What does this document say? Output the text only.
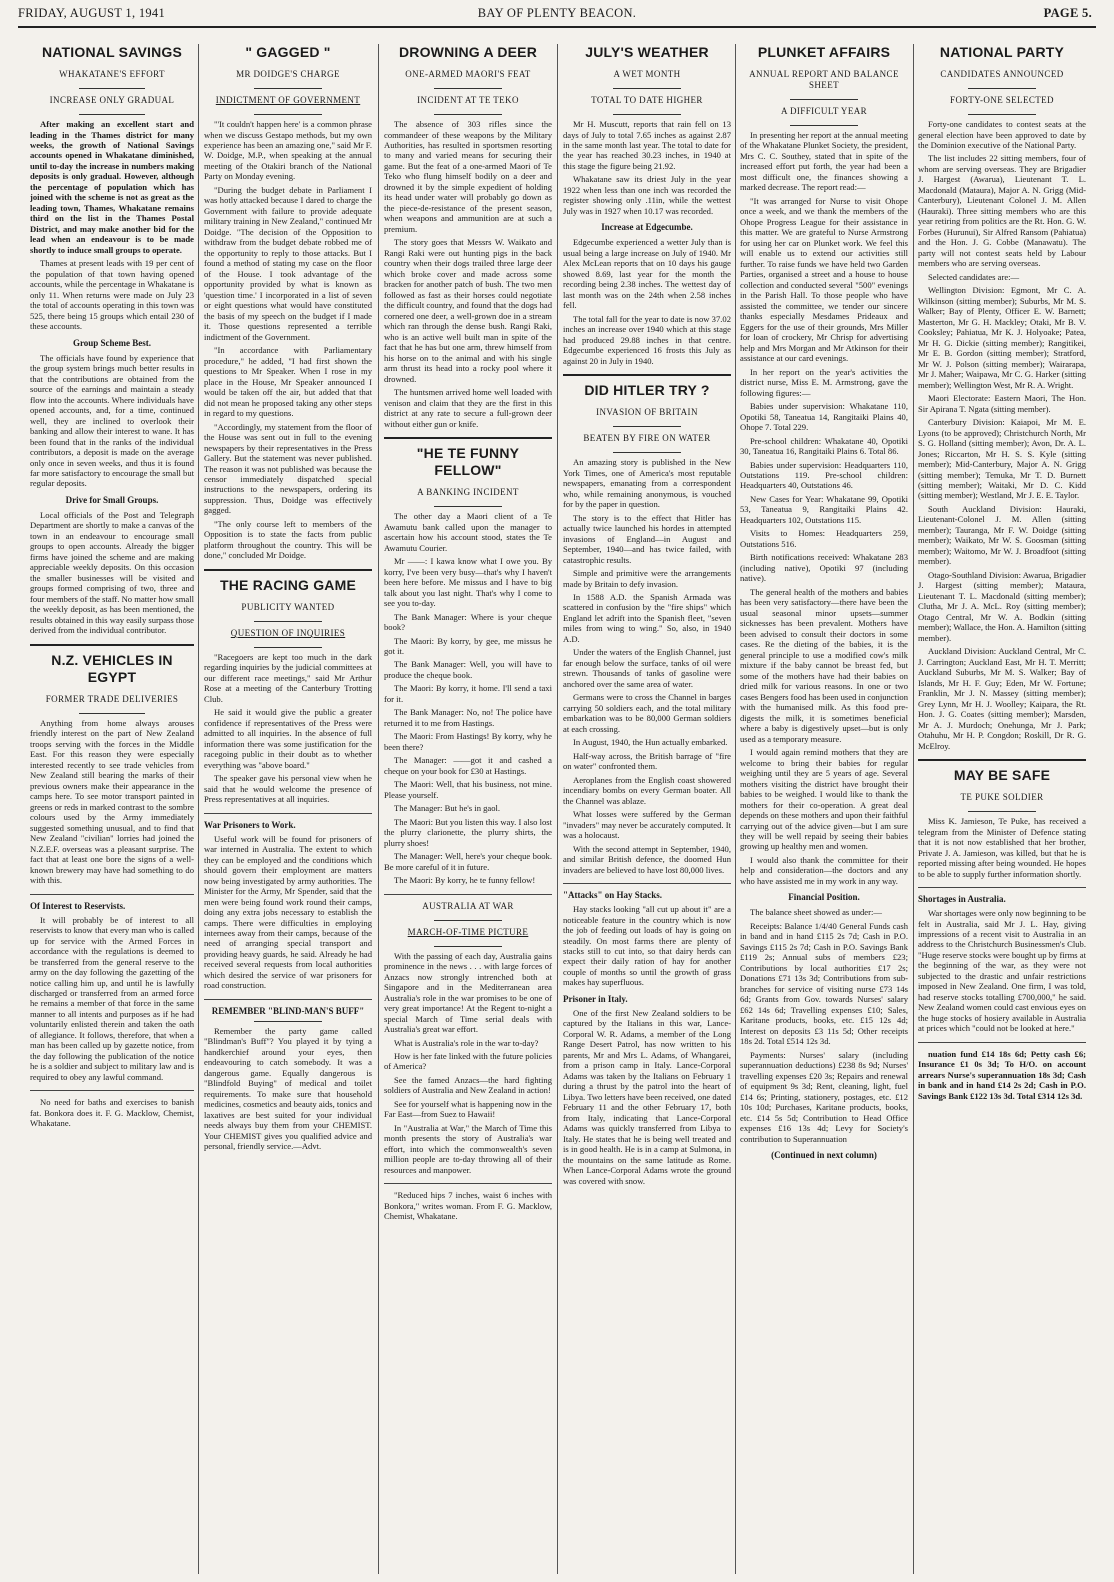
FRIDAY, AUGUST 1, 1941	BAY OF PLENTY BEACON.	PAGE 5.
NATIONAL SAVINGS
WHAKATANE'S EFFORT
INCREASE ONLY GRADUAL

After making an excellent start and leading in the Thames district for many weeks, the growth of National Savings accounts opened in Whakatane diminished, until to-day the increase in numbers making deposits is only gradual. However, although the percentage of population which has joined with the scheme is not as great as the leading town, Thames, Whakatane remains third on the list in the Thames Postal District, and may make another bid for the lead when an endeavour is to be made shortly to induce small groups to operate.

Thames at present leads with 19 per cent of the population of that town having opened accounts, while the percentage in Whakatane is only 11. When returns were made on July 23 the total of accounts operating in this town was 525, there being 15 groups which entail 230 of these accounts.

Group Scheme Best.

The officials have found by experience that the group system brings much better results in that the contributions are obtained from the source of the earnings and maintain a steady flow into the accounts. Where individuals have opened accounts, and, for a time, continued well, they are inclined to overlook their banking and allow their interest to wane. It has been found that in the ranks of the individual contributors, a deposit is made on the average only once in seven weeks, and thus it is found far more satisfactory to encourage the small but regular deposits.

Drive for Small Groups.

Local officials of the Post and Telegraph Department are shortly to make a canvas of the town in an endeavour to encourage small groups to open accounts. Already the bigger firms have joined the scheme and are making appreciable weekly deposits. On this occasion the smaller businesses will be visited and groups formed comprising of two, three and four members of the staff. No matter how small the weekly deposit, as has been mentioned, the results obtained in this way easily surpass those derived from the individual contributor.

N.Z. VEHICLES IN EGYPT
FORMER TRADE DELIVERIES

Anything from home always arouses friendly interest on the part of New Zealand troops serving with the forces in the Middle East. For this reason they were especially interested recently to see trade vehicles from New Zealand still bearing the marks of their previous owners make their appearance in the camps here. To see motor transport painted in greens or reds in marked contrast to the sombre colours used by the Army immediately suggested something unusual, and to find that New Zealand "civilian" lorries had joined the N.Z.E.F. overseas was a pleasant surprise. The fact that at least one bore the signs of a well-known brewery may have had something to do with this.

Of Interest to Reservists.

It will probably be of interest to all reservists to know that every man who is called up for service with the Armed Forces in accordance with the regulations is deemed to be transferred from the general reserve to the army on the day following the gazetting of the notice calling him up, and until he is lawfully discharged or transferred from an armed force he remains a member of that force in the same manner to all intents and purposes as if he had voluntarily enlisted therein and taken the oath of allegiance. It follows, therefore, that when a man has been called up by gazette notice, from the day following the publication of the notice he is a soldier and subject to military law and is required to obey any lawful command.

No need for baths and exercises to banish fat. Bonkora does it. F. G. Macklow, Chemist, Whakatane.

" GAGGED "
MR DOIDGE'S CHARGE
INDICTMENT OF GOVERNMENT

"'It couldn't happen here' is a common phrase when we discuss Gestapo methods, but my own experience has been an amazing one," said Mr F. W. Doidge, M.P., when speaking at the annual meeting of the Otakiri branch of the National Party on Monday evening.

"During the budget debate in Parliament I was hotly attacked because I dared to charge the Government with failure to provide adequate military training in New Zealand," continued Mr Doidge. "The decision of the Opposition to withdraw from the budget debate robbed me of the opportunity to reply to those attacks. But I found a method of stating my case on the floor of the House. I took advantage of the opportunity provided by what is known as 'question time.' I incorporated in a list of seven or eight questions what would have constituted the basis of my speech on the budget if I made it. Those questions represented a terrible indictment of the Government.

"In accordance with Parliamentary procedure," he added, "I had first shown the questions to Mr Speaker. When I rose in my place in the House, Mr Speaker announced I would be taken off the air, but added that that did not mean he proposed taking any other steps in regard to my questions.

"Accordingly, my statement from the floor of the House was sent out in full to the evening newspapers by their representatives in the Press Gallery. But the statement was never published. The reason it was not published was because the censor immediately dispatched special instructions to the newspapers, ordering its suppression. Thus, Doidge was effectively gagged.

"The only course left to members of the Opposition is to state the facts from public platform throughout the country. This will be done," concluded Mr Doidge.

THE RACING GAME
PUBLICITY WANTED
QUESTION OF INQUIRIES

"Racegoers are kept too much in the dark regarding inquiries by the judicial committees at our different race meetings," said Mr Arthur Rose at a meeting of the Canterbury Trotting Club.

He said it would give the public a greater confidence if representatives of the Press were admitted to all inquiries. In the absence of full information there was some justification for the racegoing public in their doubt as to whether everything was "above board."

The speaker gave his personal view when he said that he would welcome the presence of Press representatives at all inquiries.

War Prisoners to Work.

Useful work will be found for prisoners of war interned in Australia. The extent to which they can be employed and the conditions which should govern their employment are matters now being investigated by army authorities. The Minister for the Army, Mr Spender, said that the men were being found work round their camps, doing any extra jobs necessary to establish the camps. There were difficulties in employing internees away from their camps, because of the need of arranging special transport and providing heavy guards, he said. Already he had received several requests from local authorities which desired the service of war prisoners for road construction.

REMEMBER "BLIND-MAN'S BUFF"

Remember the party game called "Blindman's Buff"? You played it by tying a handkerchief around your eyes, then endeavouring to catch somebody. It was a dangerous game. Equally dangerous is "Blindfold Buying" of medical and toilet requirements. To make sure that household medicines, cosmetics and beauty aids, tonics and laxatives are best suited for your individual needs always buy them from your CHEMIST. Your CHEMIST gives you qualified advice and personal, friendly service.—Advt.

DROWNING A DEER
ONE-ARMED MAORI'S FEAT
INCIDENT AT TE TEKO

The absence of 303 rifles since the commandeer of these weapons by the Military Authorities, has resulted in sportsmen resorting to many and varied means for securing their game. But the feat of a one-armed Maori of Te Teko who flung himself bodily on a deer and drowned it by the simple expedient of holding its head under water will probably go down as the piece-de-resistance of the present season, when weapons and ammunition are at such a premium.

The story goes that Messrs W. Waikato and Rangi Raki were out hunting pigs in the back country when their dogs trailed three large deer which broke cover and made across some bracken for another patch of bush. The two men followed as fast as their horses could negotiate the difficult country, and found that the dogs had cornered one deer, a well-grown doe in a stream which ran through the dense bush. Rangi Raki, who is an active well built man in spite of the fact that he has but one arm, threw himself from his horse on to the animal and with his single arm thrust its head into a rocky pool where it drowned.

The huntsmen arrived home well loaded with venison and claim that they are the first in this district at any rate to secure a full-grown deer without either gun or knife.

"HE TE FUNNY FELLOW"
A BANKING INCIDENT

The other day a Maori client of a Te Awamutu bank called upon the manager to ascertain how his account stood, states the Te Awamutu Courier.

Mr ——: I kawa know what I owe you. By korry, I've been very busy—that's why I haven't been here before. Me missus and I have to big talk about you last night. That's why I come to see you to-day.

The Bank Manager: Where is your cheque book?

The Maori: By korry, by gee, me missus he got it.

The Bank Manager: Well, you will have to produce the cheque book.

The Maori: By korry, it home. I'll send a taxi for it.

The Bank Manager: No, no! The police have returned it to me from Hastings.

The Maori: From Hastings! By korry, why he been there?

The Manager: ——got it and cashed a cheque on your book for £30 at Hastings.

The Maori: Well, that his business, not mine. Please yourself.

The Manager: But he's in gaol.

The Maori: But you listen this way. I also lost the plurry clarionette, the plurry shirts, the plurry shoes!

The Manager: Well, here's your cheque book. Be more careful of it in future.

The Maori: By korry, he te funny fellow!

AUSTRALIA AT WAR
MARCH-OF-TIME PICTURE

With the passing of each day, Australia gains prominence in the news . . . with large forces of Anzacs now strongly intrenched both at Singapore and in the Mediterranean area Australia's role in the war promises to be one of very great importance! At the Regent to-night a special March of Time serial deals with Australia's great war effort.

What is Australia's role in the war to-day?

How is her fate linked with the future policies of America?

See the famed Anzacs—the hard fighting soldiers of Australia and New Zealand in action!

See for yourself what is happening now in the Far East—from Suez to Hawaii!

In "Australia at War," the March of Time this month presents the story of Australia's war effort, into which the commonwealth's seven million people are to-day throwing all of their resources and manpower.

"Reduced hips 7 inches, waist 6 inches with Bonkora," writes woman. From F. G. Macklow, Chemist, Whakatane.

JULY'S WEATHER
A WET MONTH
TOTAL TO DATE HIGHER

Mr H. Muscutt, reports that rain fell on 13 days of July to total 7.65 inches as against 2.87 in the same month last year. The total to date for the year has reached 30.23 inches, in 1940 at this stage the figure being 21.92.

Whakatane saw its driest July in the year 1922 when less than one inch was recorded the register showing only .11in, while the wettest July was in 1927 when 10.17 was recorded.

Increase at Edgecumbe.

Edgecumbe experienced a wetter July than is usual being a large increase on July of 1940. Mr Alex McLean reports that on 10 days his gauge showed 8.69, last year for the month the recording being 2.38 inches. The wettest day of last month was on the 24th when 2.58 inches fell.

The total fall for the year to date is now 37.02 inches an increase over 1940 which at this stage had produced 29.88 inches in that centre. Edgecumbe experienced 16 frosts this July as against 20 in July in 1940.

DID HITLER TRY ?
INVASION OF BRITAIN
BEATEN BY FIRE ON WATER

An amazing story is published in the New York Times, one of America's most reputable newspapers, emanating from a correspondent who, while remaining anonymous, is vouched for by the paper in question.

The story is to the effect that Hitler has actually twice launched his hordes in attempted invasions of England—in August and September, 1940—and has twice failed, with catastrophic results.

Simple and primitive were the arrangements made by Britain to defy invasion.

In 1588 A.D. the Spanish Armada was scattered in confusion by the "fire ships" which England let adrift into the Spanish fleet, "seven miles from wing to wing." So, also, in 1940 A.D.

Under the waters of the English Channel, just far enough below the surface, tanks of oil were strewn. Thousands of tanks of gasoline were anchored over the same area of water.

Germans were to cross the Channel in barges carrying 50 soldiers each, and the total military embarkation was to be 80,000 German soldiers at each crossing.

In August, 1940, the Hun actually embarked.

Half-way across, the British barrage of "fire on water" confronted them.

Aeroplanes from the English coast showered incendiary bombs on every German boater. All the Channel was ablaze.

What losses were suffered by the German "invaders" may never be accurately computed. It was a holocaust.

With the second attempt in September, 1940, and similar British defence, the doomed Hun invaders are believed to have lost 80,000 lives.

"Attacks" on Hay Stacks.

Hay stacks looking "all cut up about it" are a noticeable feature in the country which is now the job of feeding out loads of hay is going on steadily. On most farms there are plenty of stacks still to cut into, so that dairy herds can expect their daily ration of hay for another couple of months so until the growth of grass makes hay superfluous.

Prisoner in Italy.

One of the first New Zealand soldiers to be captured by the Italians in this war, Lance-Corporal W. R. Adams, a member of the Long Range Desert Patrol, has now written to his parents, Mr and Mrs L. Adams, of Whangarei, from a prison camp in Italy. Lance-Corporal Adams was taken by the Italians on February 1 during a thrust by the patrol into the heart of Libya. Two letters have been received, one dated February 11 and the other February 17, both from Italy, indicating that Lance-Corporal Adams was quickly transferred from Libya to Italy. He states that he is being well treated and is in good health. He is in a camp at Sulmona, in the mountains on the same latitude as Rome. When Lance-Corporal Adams wrote the ground was covered with snow.

PLUNKET AFFAIRS
ANNUAL REPORT AND BALANCE SHEET
A DIFFICULT YEAR

In presenting her report at the annual meeting of the Whakatane Plunket Society, the president, Mrs C. C. Southey, stated that in spite of the increased effort put forth, the year had been a most difficult one, the finances showing a marked decrease. The report read:—

"It was arranged for Nurse to visit Ohope once a week, and we thank the members of the Ohope Progress League for their assistance in this matter. We are grateful to Nurse Armstrong for using her car on Plunket work. We feel this will enable us to extend our activities still further. To raise funds we have held two Garden Parties, organised a street and a house to house collection and conducted several "500" evenings in the Parish Hall. To those people who have assisted the committee, we tender our sincere thanks especially Mesdames Prideaux and Eggers for the use of their grounds, Mrs Miller for loan of crockery, Mr Chrisp for advertising help and Mrs Morgan and Mr Atkinson for their assistance at our card evenings.

In her report on the year's activities the district nurse, Miss E. M. Armstrong, gave the following figures:—

Babies under supervision: Whakatane 110, Opotiki 58, Taneatua 14, Rangitaiki Plains 40, Ohope 7. Total 229.

Pre-school children: Whakatane 40, Opotiki 30, Taneatua 16, Rangitaiki Plains 6. Total 86.

Babies under supervision: Headquarters 110, Outstations 119. Pre-school children: Headquarters 40, Outstations 46.

New Cases for Year: Whakatane 99, Opotiki 53, Taneatua 9, Rangitaiki Plains 42. Headquarters 102, Outstations 115.

Visits to Homes: Headquarters 259, Outstations 516.

Birth notifications received: Whakatane 283 (including native), Opotiki 97 (including native).

The general health of the mothers and babies has been very satisfactory—there have been the usual seasonal minor upsets—summer sicknesses has been prevalent. Mothers have been advised to consult their doctors in some cases. Re the dieting of the babies, it is the general principle to use a modified cow's milk mixture if the baby cannot be breast fed, but some of the mothers have had their babies on dried milk for various reasons. In one or two cases Bengers food has been used in conjunction with the humanised milk. As this food pre-digests the milk, it is sometimes beneficial where a baby is digestively upset—but is only used as a temporary measure.

I would again remind mothers that they are welcome to bring their babies for regular weighing until they are 5 years of age. Several mothers visiting the district have brought their babies to be weighed. I would like to thank the mothers for their co-operation. A great deal depends on these mothers and upon their faithful carrying out of the advice given—but I am sure they will be well repaid by seeing their babies growing up healthy men and women.

I would also thank the committee for their help and consideration—the doctors and any who have assisted me in my work in any way.

Financial Position.

The balance sheet showed as under:—

Receipts: Balance 1/4/40 General Funds cash in band and in hand £115 2s 7d; Cash in P.O. Savings £115 2s 7d; Cash in P.O. Savings Bank £119 2s; Annual subs of members £23; Contributions by local authorities £17 2s; Donations £71 13s 3d; Contributions from sub-branches for service of visiting nurse £73 14s 6d; Grants from Gov. towards Nurses' salary £62 14s 6d; Travelling expenses £10; Sales, Karitane products, books, etc. £15 12s 4d; Interest on deposits £3 11s 5d; Other receipts 18s 2d. Total £514 12s 3d.

Payments: Nurses' salary (including superannuation deductions) £238 8s 9d; Nurses' travelling expenses £20 3s; Repairs and renewal of equipment 9s 3d; Rent, cleaning, light, fuel £14 6s; Printing, stationery, postages, etc. £12 10s 10d; Purchases, Karitane products, books, etc. £14 5s 5d; Contribution to Head Office expenses £16 13s 4d; Levy for Society's contribution to Superannuation

(Continued in next column)
NATIONAL PARTY
CANDIDATES ANNOUNCED
FORTY-ONE SELECTED

Forty-one candidates to contest seats at the general election have been approved to date by the Dominion executive of the National Party.

The list includes 22 sitting members, four of whom are serving overseas. They are Brigadier J. Hargest (Awarua), Lieutenant T. L. Macdonald (Mataura), Major A. N. Grigg (Mid-Canterbury), Lieutenant Colonel J. M. Allen (Hauraki). Three sitting members who are this year retiring from politics are the Rt. Hon. G. W. Forbes (Hurunui), Sir Alfred Ransom (Pahiatua) and the Hon. J. G. Cobbe (Manawatu). The party will not contest seats held by Labour members who are serving overseas.

Selected candidates are:—

Wellington Division: Egmont, Mr C. A. Wilkinson (sitting member); Suburbs, Mr M. S. Walker; Bay of Plenty, Officer E. W. Barnett; Masterton, Mr G. H. Mackley; Otaki, Mr B. V. Cooksley; Pahiatua, Mr K. J. Holyoake; Patea, Mr H. G. Dickie (sitting member); Rangitikei, Mr E. B. Gordon (sitting member); Stratford, Mr W. J. Polson (sitting member); Wairarapa, Mr J. Maher; Waipawa, Mr C. G. Harker (sitting member); Wellington West, Mr R. A. Wright.

Maori Electorate: Eastern Maori, The Hon. Sir Apirana T. Ngata (sitting member).

Canterbury Division: Kaiapoi, Mr M. E. Lyons (to be approved); Christchurch North, Mr S. G. Holland (sitting member); Avon, Dr. A. L. Jones; Riccarton, Mr H. S. S. Kyle (sitting member); Mid-Canterbury, Major A. N. Grigg (sitting member); Temuka, Mr T. D. Burnett (sitting member); Waitaki, Mr D. C. Kidd (sitting member); Westland, Mr J. E. E. Taylor.

South Auckland Division: Hauraki, Lieutenant-Colonel J. M. Allen (sitting member); Tauranga, Mr F. W. Doidge (sitting member); Waikato, Mr W. S. Goosman (sitting member); Waitomo, Mr W. J. Broadfoot (sitting member).

Otago-Southland Division: Awarua, Brigadier J. Hargest (sitting member); Mataura, Lieutenant T. L. Macdonald (sitting member); Clutha, Mr J. A. McL. Roy (sitting member); Otago Central, Mr W. A. Bodkin (sitting member); Wallace, the Hon. A. Hamilton (sitting member).

Auckland Division: Auckland Central, Mr C. J. Carrington; Auckland East, Mr H. T. Merritt; Auckland Suburbs, Mr M. S. Walker; Bay of Islands, Mr H. F. Guy; Eden, Mr W. Fortune; Franklin, Mr J. N. Massey (sitting member); Grey Lynn, Mr H. J. Woolley; Kaipara, the Rt. Hon. J. G. Coates (sitting member); Marsden, Mr A. J. Murdoch; Onehunga, Mr J. Park; Otahuhu, Mr H. P. Congdon; Roskill, Dr R. G. McElroy.

MAY BE SAFE
TE PUKE SOLDIER

Miss K. Jamieson, Te Puke, has received a telegram from the Minister of Defence stating that it is not now established that her brother, Private J. A. Jamieson, was killed, but that he is reported missing after being wounded. He hopes to be able to supply further information shortly.

Shortages in Australia.

War shortages were only now beginning to be felt in Australia, said Mr J. L. Hay, giving impressions of a recent visit to Australia in an address to the Christchurch Businessmen's Club. "Huge reserve stocks were bought up by firms at the beginning of the war, as they were not subjected to the drastic and unfair restrictions imposed in New Zealand. One firm, I was told, had reserve stocks totalling £700,000," he said. New Zealand women could cast envious eyes on the huge stocks of hosiery available in Australia at prices which "could not be looked at here."

nuation fund £14 18s 6d; Petty cash £6; Insurance £1 0s 3d; To H/O. on account arrears Nurse's superannuation 18s 3d; Cash in bank and in hand £14 2s 2d; Cash in P.O. Savings Bank £122 13s 3d. Total £314 12s 3d.
